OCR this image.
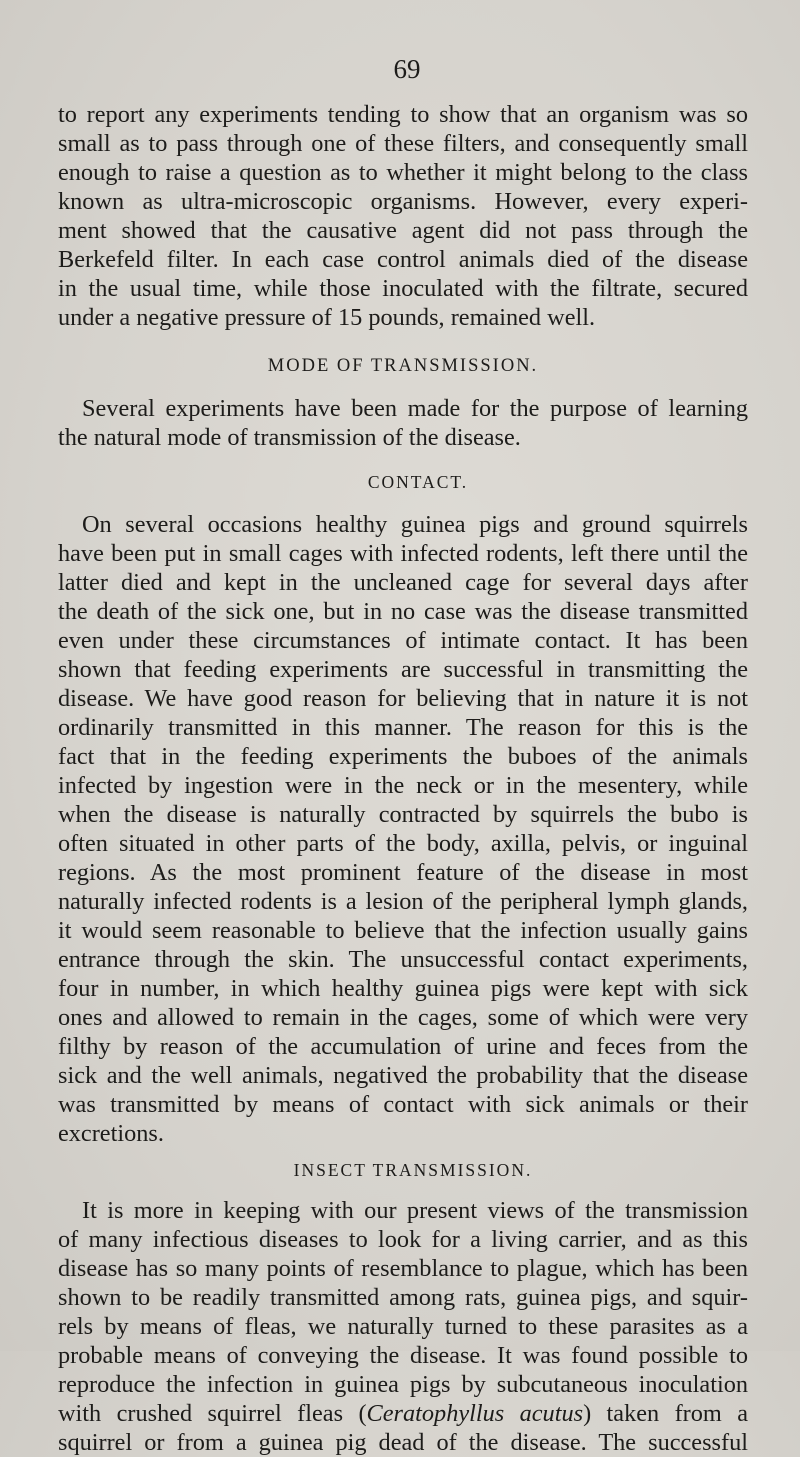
69
to report any experiments tending to show that an organism was so
small as to pass through one of these filters, and consequently small
enough to raise a question as to whether it might belong to the class
known as ultra-microscopic organisms. However, every experi-
ment showed that the causative agent did not pass through the
Berkefeld filter. In each case control animals died of the disease
in the usual time, while those inoculated with the filtrate, secured
under a negative pressure of 15 pounds, remained well.
MODE OF TRANSMISSION.
Several experiments have been made for the purpose of learning
the natural mode of transmission of the disease.
CONTACT.
On several occasions healthy guinea pigs and ground squirrels
have been put in small cages with infected rodents, left there until the
latter died and kept in the uncleaned cage for several days after
the death of the sick one, but in no case was the disease transmitted
even under these circumstances of intimate contact. It has been
shown that feeding experiments are successful in transmitting the
disease. We have good reason for believing that in nature it is not
ordinarily transmitted in this manner. The reason for this is the
fact that in the feeding experiments the buboes of the animals
infected by ingestion were in the neck or in the mesentery, while
when the disease is naturally contracted by squirrels the bubo is
often situated in other parts of the body, axilla, pelvis, or inguinal
regions. As the most prominent feature of the disease in most
naturally infected rodents is a lesion of the peripheral lymph glands,
it would seem reasonable to believe that the infection usually gains
entrance through the skin. The unsuccessful contact experiments,
four in number, in which healthy guinea pigs were kept with sick
ones and allowed to remain in the cages, some of which were very
filthy by reason of the accumulation of urine and feces from the
sick and the well animals, negatived the probability that the disease
was transmitted by means of contact with sick animals or their
excretions.
INSECT TRANSMISSION.
It is more in keeping with our present views of the transmission
of many infectious diseases to look for a living carrier, and as this
disease has so many points of resemblance to plague, which has been
shown to be readily transmitted among rats, guinea pigs, and squir-
rels by means of fleas, we naturally turned to these parasites as a
probable means of conveying the disease. It was found possible to
reproduce the infection in guinea pigs by subcutaneous inoculation
with crushed squirrel fleas (Ceratophyllus acutus) taken from a
squirrel or from a guinea pig dead of the disease. The successful
